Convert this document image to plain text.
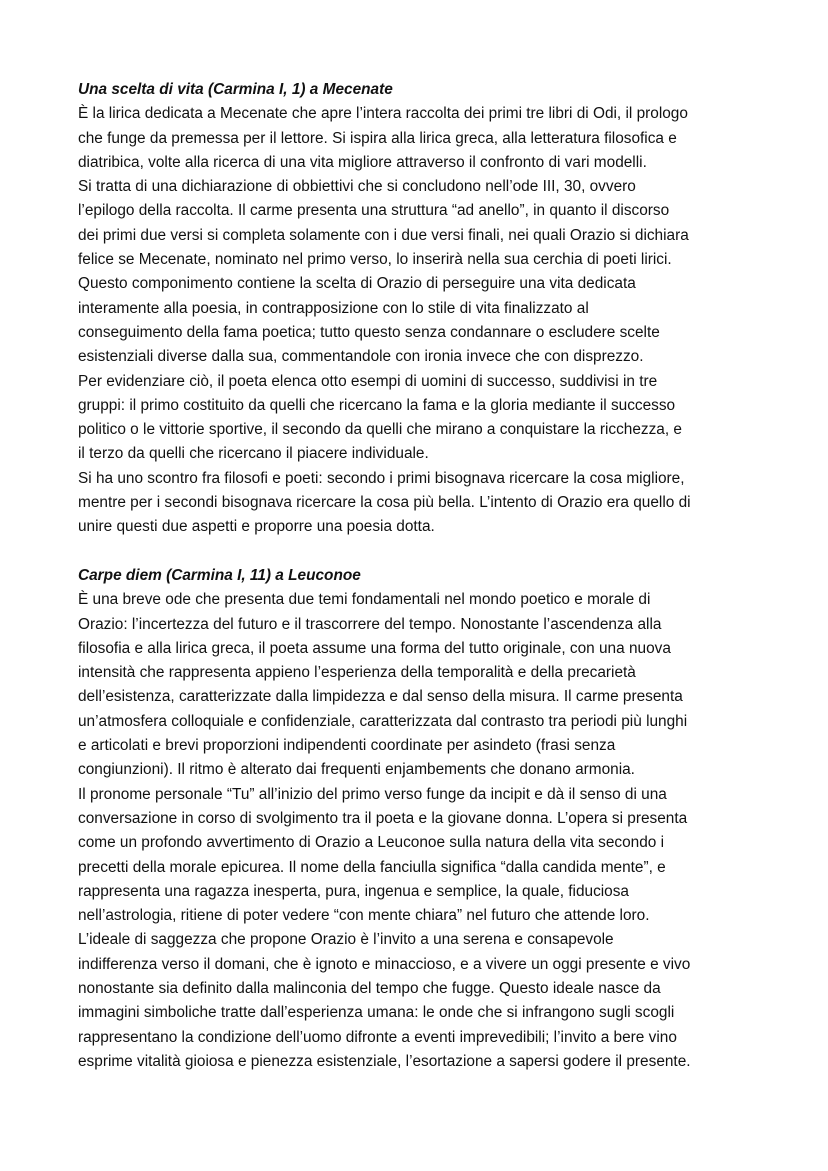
Una scelta di vita (Carmina I, 1) a Mecenate
È la lirica dedicata a Mecenate che apre l’intera raccolta dei primi tre libri di Odi, il prologo
che funge da premessa per il lettore. Si ispira alla lirica greca, alla letteratura filosofica e
diatribica, volte alla ricerca di una vita migliore attraverso il confronto di vari modelli.
Si tratta di una dichiarazione di obbiettivi che si concludono nell’ode III, 30, ovvero
l’epilogo della raccolta. Il carme presenta una struttura “ad anello”, in quanto il discorso
dei primi due versi si completa solamente con i due versi finali, nei quali Orazio si dichiara
felice se Mecenate, nominato nel primo verso, lo inserirà nella sua cerchia di poeti lirici.
Questo componimento contiene la scelta di Orazio di perseguire una vita dedicata
interamente alla poesia, in contrapposizione con lo stile di vita finalizzato al
conseguimento della fama poetica; tutto questo senza condannare o escludere scelte
esistenziali diverse dalla sua, commentandole con ironia invece che con disprezzo.
Per evidenziare ciò, il poeta elenca otto esempi di uomini di successo, suddivisi in tre
gruppi: il primo costituito da quelli che ricercano la fama e la gloria mediante il successo
politico o le vittorie sportive, il secondo da quelli che mirano a conquistare la ricchezza, e
il terzo da quelli che ricercano il piacere individuale.
Si ha uno scontro fra filosofi e poeti: secondo i primi bisognava ricercare la cosa migliore,
mentre per i secondi bisognava ricercare la cosa più bella. L’intento di Orazio era quello di
unire questi due aspetti e proporre una poesia dotta.
Carpe diem (Carmina I, 11) a Leuconoe
È una breve ode che presenta due temi fondamentali nel mondo poetico e morale di
Orazio: l’incertezza del futuro e il trascorrere del tempo. Nonostante l’ascendenza alla
filosofia e alla lirica greca, il poeta assume una forma del tutto originale, con una nuova
intensità che rappresenta appieno l’esperienza della temporalità e della precarietà
dell’esistenza, caratterizzate dalla limpidezza e dal senso della misura. Il carme presenta
un’atmosfera colloquiale e confidenziale, caratterizzata dal contrasto tra periodi più lunghi
e articolati e brevi proporzioni indipendenti coordinate per asindeto (frasi senza
congiunzioni). Il ritmo è alterato dai frequenti enjambements che donano armonia.
Il pronome personale “Tu” all’inizio del primo verso funge da incipit e dà il senso di una
conversazione in corso di svolgimento tra il poeta e la giovane donna. L’opera si presenta
come un profondo avvertimento di Orazio a Leuconoe sulla natura della vita secondo i
precetti della morale epicurea. Il nome della fanciulla significa “dalla candida mente”, e
rappresenta una ragazza inesperta, pura, ingenua e semplice, la quale, fiduciosa
nell’astrologia, ritiene di poter vedere “con mente chiara” nel futuro che attende loro.
L’ideale di saggezza che propone Orazio è l’invito a una serena e consapevole
indifferenza verso il domani, che è ignoto e minaccioso, e a vivere un oggi presente e vivo
nonostante sia definito dalla malinconia del tempo che fugge. Questo ideale nasce da
immagini simboliche tratte dall’esperienza umana: le onde che si infrangono sugli scogli
rappresentano la condizione dell’uomo difronte a eventi imprevedibili; l’invito a bere vino
esprime vitalità gioiosa e pienezza esistenziale, l’esortazione a sapersi godere il presente.
